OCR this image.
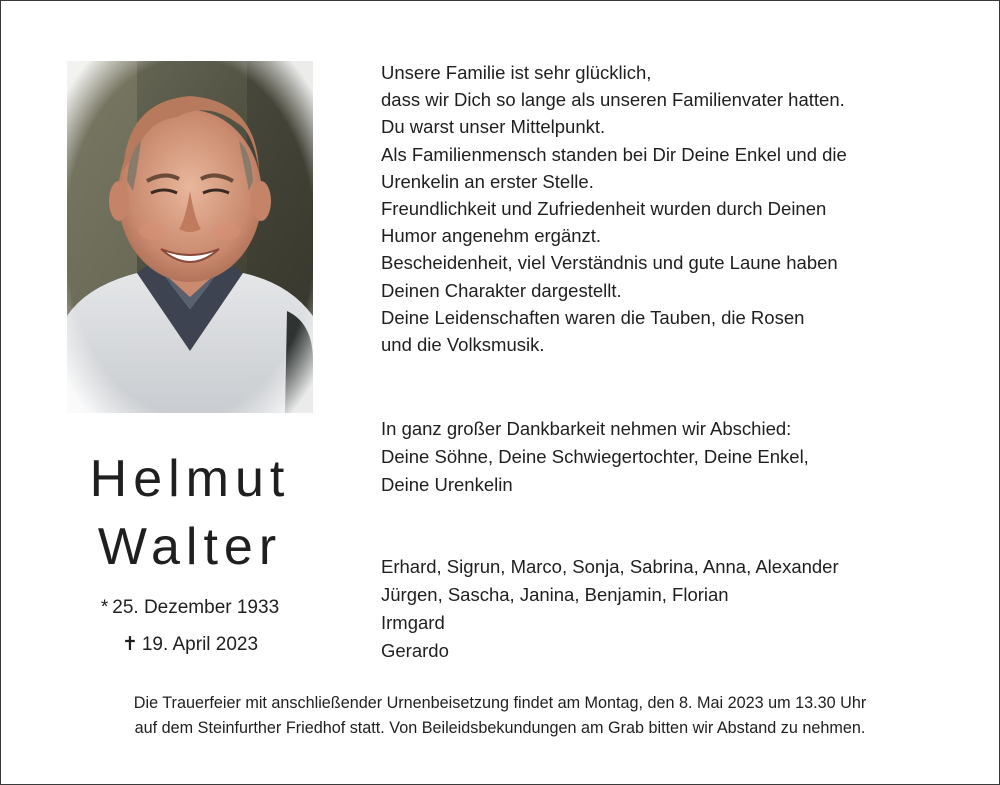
Helmut
Walter
* 25. Dezember 1933
✝ 19. April 2023
Unsere Familie ist sehr glücklich,
dass wir Dich so lange als unseren Familienvater hatten.
Du warst unser Mittelpunkt.
Als Familienmensch standen bei Dir Deine Enkel und die
Urenkelin an erster Stelle.
Freundlichkeit und Zufriedenheit wurden durch Deinen
Humor angenehm ergänzt.
Bescheidenheit, viel Verständnis und gute Laune haben
Deinen Charakter dargestellt.
Deine Leidenschaften waren die Tauben, die Rosen
und die Volksmusik.
In ganz großer Dankbarkeit nehmen wir Abschied:
Deine Söhne, Deine Schwiegertochter, Deine Enkel,
Deine Urenkelin
Erhard, Sigrun, Marco, Sonja, Sabrina, Anna, Alexander
Jürgen, Sascha, Janina, Benjamin, Florian
Irmgard
Gerardo
Die Trauerfeier mit anschließender Urnenbeisetzung findet am Montag, den 8. Mai 2023 um 13.30 Uhr
auf dem Steinfurther Friedhof statt. Von Beileidsbekundungen am Grab bitten wir Abstand zu nehmen.
